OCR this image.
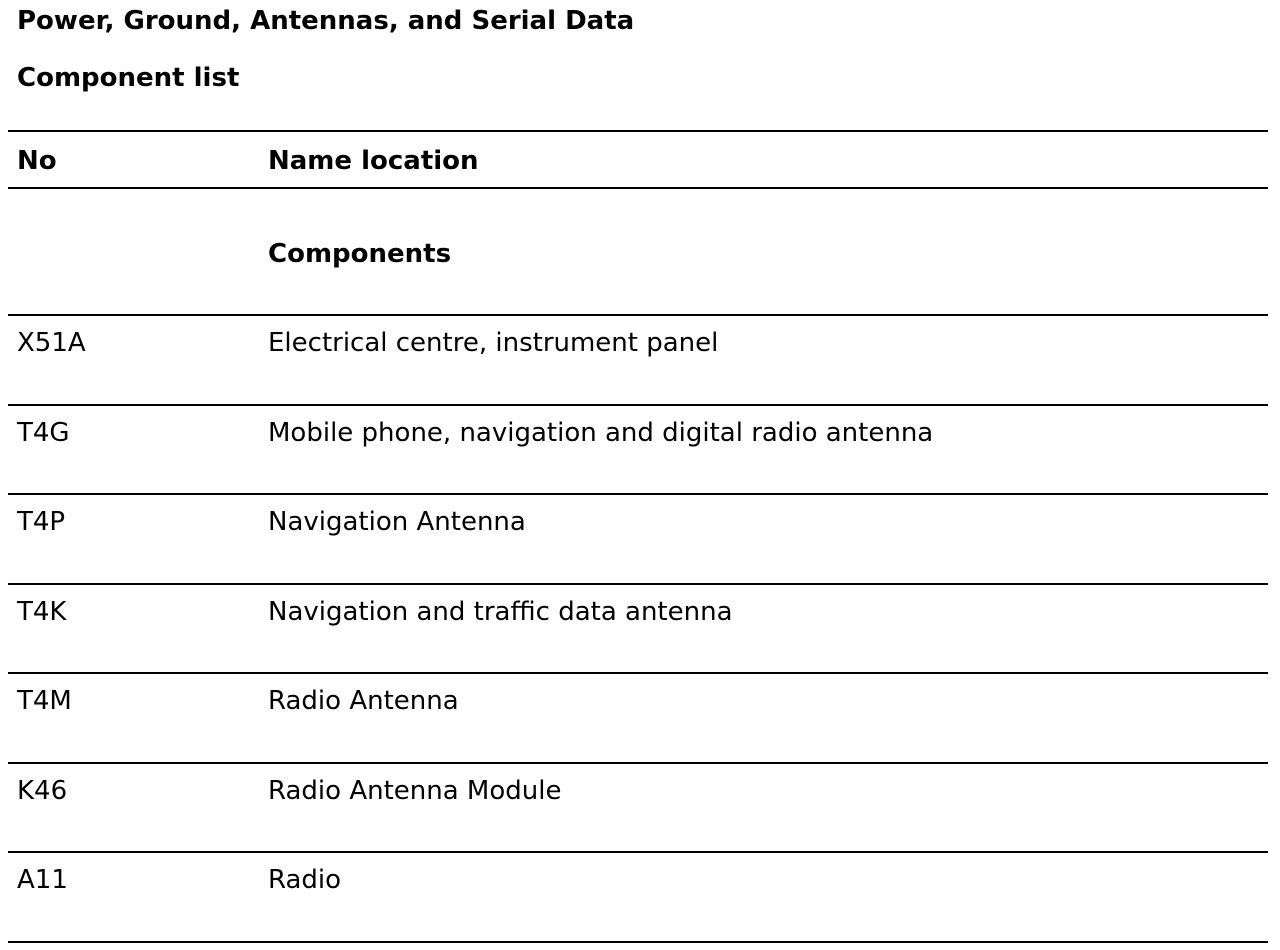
Power, Ground, Antennas, and Serial Data
Component list
No	Name location
Components
X51A	Electrical centre, instrument panel
T4G	Mobile phone, navigation and digital radio antenna
T4P	Navigation Antenna
T4K	Navigation and traffic data antenna
T4M	Radio Antenna
K46	Radio Antenna Module
A11	Radio
